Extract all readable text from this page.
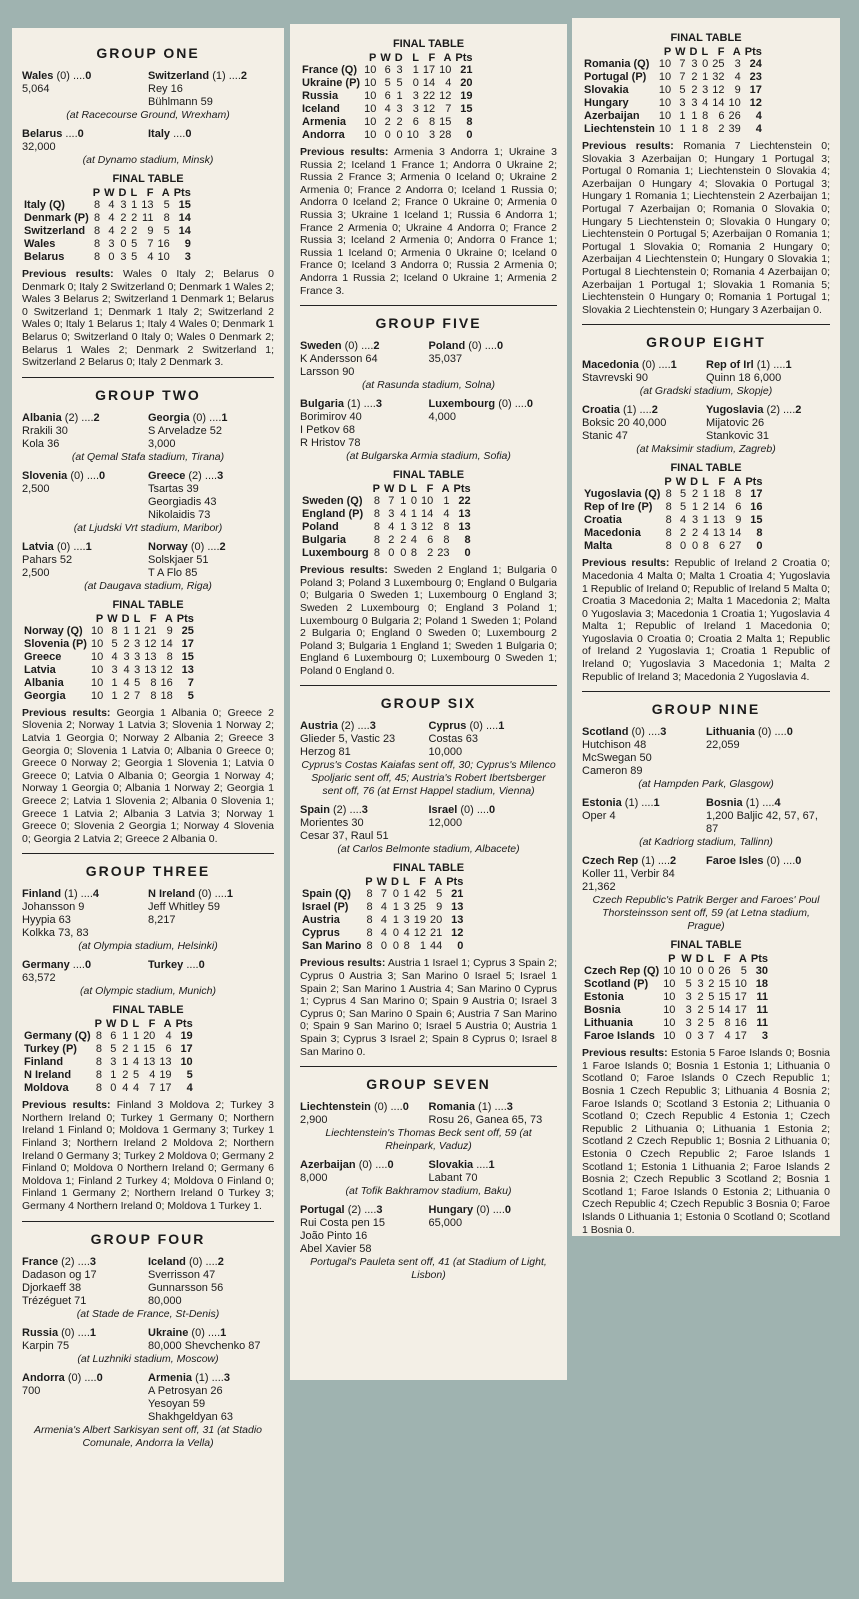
GROUP ONE
Wales (0) ....0	Switzerland (1) ....2
5,064	Rey 16
Bühlmann 59
(at Racecourse Ground, Wrexham)
Belarus ....0	Italy ....0
32,000
(at Dynamo stadium, Minsk)
FINAL TABLE
	P	W	D	L	F	A	Pts
Italy (Q)	8	4	3	1	13	5	15
Denmark (P)	8	4	2	2	11	8	14
Switzerland	8	4	2	2	9	5	14
Wales	8	3	0	5	7	16	9
Belarus	8	0	3	5	4	10	3
Previous results: Wales 0 Italy 2; Belarus 0 Denmark 0; Italy 2 Switzerland 0; Denmark 1 Wales 2; Wales 3 Belarus 2; Switzerland 1 Denmark 1; Belarus 0 Switzerland 1; Denmark 1 Italy 2; Switzerland 2 Wales 0; Italy 1 Belarus 1; Italy 4 Wales 0; Denmark 1 Belarus 0; Switzerland 0 Italy 0; Wales 0 Denmark 2; Belarus 1 Wales 2; Denmark 2 Switzerland 1; Switzerland 2 Belarus 0; Italy 2 Denmark 3.
GROUP TWO
Albania (2) ....2	Georgia (0) ....1
Rrakili 30
Kola 36
S Arveladze 52
3,000
(at Qemal Stafa stadium, Tirana)
Slovenia (0) ....0	Greece (2) ....3
2,500	Tsartas 39
Georgiadis 43
Nikolaidis 73
(at Ljudski Vrt stadium, Maribor)
Latvia (0) ....1	Norway (0) ....2
Pahars 52
2,500
Solskjaer 51
T A Flo 85
(at Daugava stadium, Riga)
FINAL TABLE
	P	W	D	L	F	A	Pts
Norway (Q)	10	8	1	1	21	9	25
Slovenia (P)	10	5	2	3	12	14	17
Greece	10	4	3	3	13	8	15
Latvia	10	3	4	3	13	12	13
Albania	10	1	4	5	8	16	7
Georgia	10	1	2	7	8	18	5
Previous results: Georgia 1 Albania 0; Greece 2 Slovenia 2; Norway 1 Latvia 3; Slovenia 1 Norway 2; Latvia 1 Georgia 0; Norway 2 Albania 2; Greece 3 Georgia 0; Slovenia 1 Latvia 0; Albania 0 Greece 0; Greece 0 Norway 2; Georgia 1 Slovenia 1; Latvia 0 Greece 0; Latvia 0 Albania 0; Georgia 1 Norway 4; Norway 1 Georgia 0; Albania 1 Norway 2; Georgia 1 Greece 2; Latvia 1 Slovenia 2; Albania 0 Slovenia 1; Greece 1 Latvia 2; Albania 3 Latvia 3; Norway 1 Greece 0; Slovenia 2 Georgia 1; Norway 4 Slovenia 0; Georgia 2 Latvia 2; Greece 2 Albania 0.
GROUP THREE
Finland (1) ....4	N Ireland (0) ....1
Johansson 9
Hyypia 63
Kolkka 73, 83
Jeff Whitley 59
8,217
(at Olympia stadium, Helsinki)
Germany ....0	Turkey ....0
63,572
(at Olympic stadium, Munich)
FINAL TABLE
	P	W	D	L	F	A	Pts
Germany (Q)	8	6	1	1	20	4	19
Turkey (P)	8	5	2	1	15	6	17
Finland	8	3	1	4	13	13	10
N Ireland	8	1	2	5	4	19	5
Moldova	8	0	4	4	7	17	4
Previous results: Finland 3 Moldova 2; Turkey 3 Northern Ireland 0; Turkey 1 Germany 0; Northern Ireland 1 Finland 0; Moldova 1 Germany 3; Turkey 1 Finland 3; Northern Ireland 2 Moldova 2; Northern Ireland 0 Germany 3; Turkey 2 Moldova 0; Germany 2 Finland 0; Moldova 0 Northern Ireland 0; Germany 6 Moldova 1; Finland 2 Turkey 4; Moldova 0 Finland 0; Finland 1 Germany 2; Northern Ireland 0 Turkey 3; Germany 4 Northern Ireland 0; Moldova 1 Turkey 1.
GROUP FOUR
France (2) ....3	Iceland (0) ....2
Dadason og 17
Djorkaeff 38
Trézéguet 71
Sverrisson 47
Gunnarsson 56
80,000
(at Stade de France, St-Denis)
Russia (0) ....1	Ukraine (0) ....1
Karpin 75	80,000 Shevchenko 87
(at Luzhniki stadium, Moscow)
Andorra (0) ....0	Armenia (1) ....3
700	A Petrosyan 26
Yesoyan 59
Shakhgeldyan 63
Armenia's Albert Sarkisyan sent off, 31 (at Stadio Comunale, Andorra la Vella)
FINAL TABLE
	P	W	D	L	F	A	Pts
France (Q)	10	6	3	1	17	10	21
Ukraine (P)	10	5	5	0	14	4	20
Russia	10	6	1	3	22	12	19
Iceland	10	4	3	3	12	7	15
Armenia	10	2	2	6	8	15	8
Andorra	10	0	0	10	3	28	0
Previous results: Armenia 3 Andorra 1; Ukraine 3 Russia 2; Iceland 1 France 1; Andorra 0 Ukraine 2; Russia 2 France 3; Armenia 0 Iceland 0; Ukraine 2 Armenia 0; France 2 Andorra 0; Iceland 1 Russia 0; Andorra 0 Iceland 2; France 0 Ukraine 0; Armenia 0 Russia 3; Ukraine 1 Iceland 1; Russia 6 Andorra 1; France 2 Armenia 0; Ukraine 4 Andorra 0; France 2 Russia 3; Iceland 2 Armenia 0; Andorra 0 France 1; Russia 1 Iceland 0; Armenia 0 Ukraine 0; Iceland 0 France 0; Iceland 3 Andorra 0; Russia 2 Armenia 0; Andorra 1 Russia 2; Iceland 0 Ukraine 1; Armenia 2 France 3.
GROUP FIVE
Sweden (0) ....2	Poland (0) ....0
K Andersson 64
Larsson 90
35,037
(at Rasunda stadium, Solna)
Bulgaria (1) ....3	Luxembourg (0) ....0
Borimirov 40
I Petkov 68
R Hristov 78
4,000
(at Bulgarska Armia stadium, Sofia)
FINAL TABLE
	P	W	D	L	F	A	Pts
Sweden (Q)	8	7	1	0	10	1	22
England (P)	8	3	4	1	14	4	13
Poland	8	4	1	3	12	8	13
Bulgaria	8	2	2	4	6	8	8
Luxembourg	8	0	0	8	2	23	0
Previous results: Sweden 2 England 1; Bulgaria 0 Poland 3; Poland 3 Luxembourg 0; England 0 Bulgaria 0; Bulgaria 0 Sweden 1; Luxembourg 0 England 3; Sweden 2 Luxembourg 0; England 3 Poland 1; Luxembourg 0 Bulgaria 2; Poland 1 Sweden 1; Poland 2 Bulgaria 0; England 0 Sweden 0; Luxembourg 2 Poland 3; Bulgaria 1 England 1; Sweden 1 Bulgaria 0; England 6 Luxembourg 0; Luxembourg 0 Sweden 1; Poland 0 England 0.
GROUP SIX
Austria (2) ....3	Cyprus (0) ....1
Glieder 5, Vastic 23
Herzog 81
Costas 63
10,000
Cyprus's Costas Kaiafas sent off, 30; Cyprus's Milenco Spoljaric sent off, 45; Austria's Robert Ibertsberger sent off, 76 (at Ernst Happel stadium, Vienna)
Spain (2) ....3	Israel (0) ....0
Morientes 30
Cesar 37, Raul 51
12,000
(at Carlos Belmonte stadium, Albacete)
FINAL TABLE
	P	W	D	L	F	A	Pts
Spain (Q)	8	7	0	1	42	5	21
Israel (P)	8	4	1	3	25	9	13
Austria	8	4	1	3	19	20	13
Cyprus	8	4	0	4	12	21	12
San Marino	8	0	0	8	1	44	0
Previous results: Austria 1 Israel 1; Cyprus 3 Spain 2; Cyprus 0 Austria 3; San Marino 0 Israel 5; Israel 1 Spain 2; San Marino 1 Austria 4; San Marino 0 Cyprus 1; Cyprus 4 San Marino 0; Spain 9 Austria 0; Israel 3 Cyprus 0; San Marino 0 Spain 6; Austria 7 San Marino 0; Spain 9 San Marino 0; Israel 5 Austria 0; Austria 1 Spain 3; Cyprus 3 Israel 2; Spain 8 Cyprus 0; Israel 8 San Marino 0.
GROUP SEVEN
Liechtenstein (0) ....0	Romania (1) ....3
2,900	Rosu 26, Ganea 65, 73
Liechtenstein's Thomas Beck sent off, 59 (at Rheinpark, Vaduz)
Azerbaijan (0) ....0	Slovakia ....1
8,000	Labant 70
(at Tofik Bakhramov stadium, Baku)
Portugal (2) ....3	Hungary (0) ....0
Rui Costa pen 15
João Pinto 16
Abel Xavier 58
65,000
Portugal's Pauleta sent off, 41 (at Stadium of Light, Lisbon)
FINAL TABLE
	P	W	D	L	F	A	Pts
Romania (Q)	10	7	3	0	25	3	24
Portugal (P)	10	7	2	1	32	4	23
Slovakia	10	5	2	3	12	9	17
Hungary	10	3	3	4	14	10	12
Azerbaijan	10	1	1	8	6	26	4
Liechtenstein	10	1	1	8	2	39	4
Previous results: Romania 7 Liechtenstein 0; Slovakia 3 Azerbaijan 0; Hungary 1 Portugal 3; Portugal 0 Romania 1; Liechtenstein 0 Slovakia 4; Azerbaijan 0 Hungary 4; Slovakia 0 Portugal 3; Hungary 1 Romania 1; Liechtenstein 2 Azerbaijan 1; Portugal 7 Azerbaijan 0; Romania 0 Slovakia 0; Hungary 5 Liechtenstein 0; Slovakia 0 Hungary 0; Liechtenstein 0 Portugal 5; Azerbaijan 0 Romania 1; Portugal 1 Slovakia 0; Romania 2 Hungary 0; Azerbaijan 4 Liechtenstein 0; Hungary 0 Slovakia 1; Portugal 8 Liechtenstein 0; Romania 4 Azerbaijan 0; Azerbaijan 1 Portugal 1; Slovakia 1 Romania 5; Liechtenstein 0 Hungary 0; Romania 1 Portugal 1; Slovakia 2 Liechtenstein 0; Hungary 3 Azerbaijan 0.
GROUP EIGHT
Macedonia (0) ....1	Rep of Irl (1) ....1
Stavrevski 90	Quinn 18 6,000
(at Gradski stadium, Skopje)
Croatia (1) ....2	Yugoslavia (2) ....2
Boksic 20 40,000
Stanic 47
Mijatovic 26
Stankovic 31
(at Maksimir stadium, Zagreb)
FINAL TABLE
	P	W	D	L	F	A	Pts
Yugoslavia (Q)	8	5	2	1	18	8	17
Rep of Ire (P)	8	5	1	2	14	6	16
Croatia	8	4	3	1	13	9	15
Macedonia	8	2	2	4	13	14	8
Malta	8	0	0	8	6	27	0
Previous results: Republic of Ireland 2 Croatia 0; Macedonia 4 Malta 0; Malta 1 Croatia 4; Yugoslavia 1 Republic of Ireland 0; Republic of Ireland 5 Malta 0; Croatia 3 Macedonia 2; Malta 1 Macedonia 2; Malta 0 Yugoslavia 3; Macedonia 1 Croatia 1; Yugoslavia 4 Malta 1; Republic of Ireland 1 Macedonia 0; Yugoslavia 0 Croatia 0; Croatia 2 Malta 1; Republic of Ireland 2 Yugoslavia 1; Croatia 1 Republic of Ireland 0; Yugoslavia 3 Macedonia 1; Malta 2 Republic of Ireland 3; Macedonia 2 Yugoslavia 4.
GROUP NINE
Scotland (0) ....3	Lithuania (0) ....0
Hutchison 48
McSwegan 50
Cameron 89
22,059
(at Hampden Park, Glasgow)
Estonia (1) ....1	Bosnia (1) ....4
Oper 4	1,200 Baljic 42, 57, 67, 87
(at Kadriorg stadium, Tallinn)
Czech Rep (1) ....2	Faroe Isles (0) ....0
Koller 11, Verbir 84 21,362
Czech Republic's Patrik Berger and Faroes' Poul Thorsteinsson sent off, 59 (at Letna stadium, Prague)
FINAL TABLE
	P	W	D	L	F	A	Pts
Czech Rep (Q)	10	10	0	0	26	5	30
Scotland (P)	10	5	3	2	15	10	18
Estonia	10	3	2	5	15	17	11
Bosnia	10	3	2	5	14	17	11
Lithuania	10	3	2	5	8	16	11
Faroe Islands	10	0	3	7	4	17	3
Previous results: Estonia 5 Faroe Islands 0; Bosnia 1 Faroe Islands 0; Bosnia 1 Estonia 1; Lithuania 0 Scotland 0; Faroe Islands 0 Czech Republic 1; Bosnia 1 Czech Republic 3; Lithuania 4 Bosnia 2; Faroe Islands 0; Scotland 3 Estonia 2; Lithuania 0 Scotland 0; Czech Republic 4 Estonia 1; Czech Republic 2 Lithuania 0; Lithuania 1 Estonia 2; Scotland 2 Czech Republic 1; Bosnia 2 Lithuania 0; Estonia 0 Czech Republic 2; Faroe Islands 1 Scotland 1; Estonia 1 Lithuania 2; Faroe Islands 2 Bosnia 2; Czech Republic 3 Scotland 2; Bosnia 1 Scotland 1; Faroe Islands 0 Estonia 2; Lithuania 0 Czech Republic 4; Czech Republic 3 Bosnia 0; Faroe Islands 0 Lithuania 1; Estonia 0 Scotland 0; Scotland 1 Bosnia 0.
